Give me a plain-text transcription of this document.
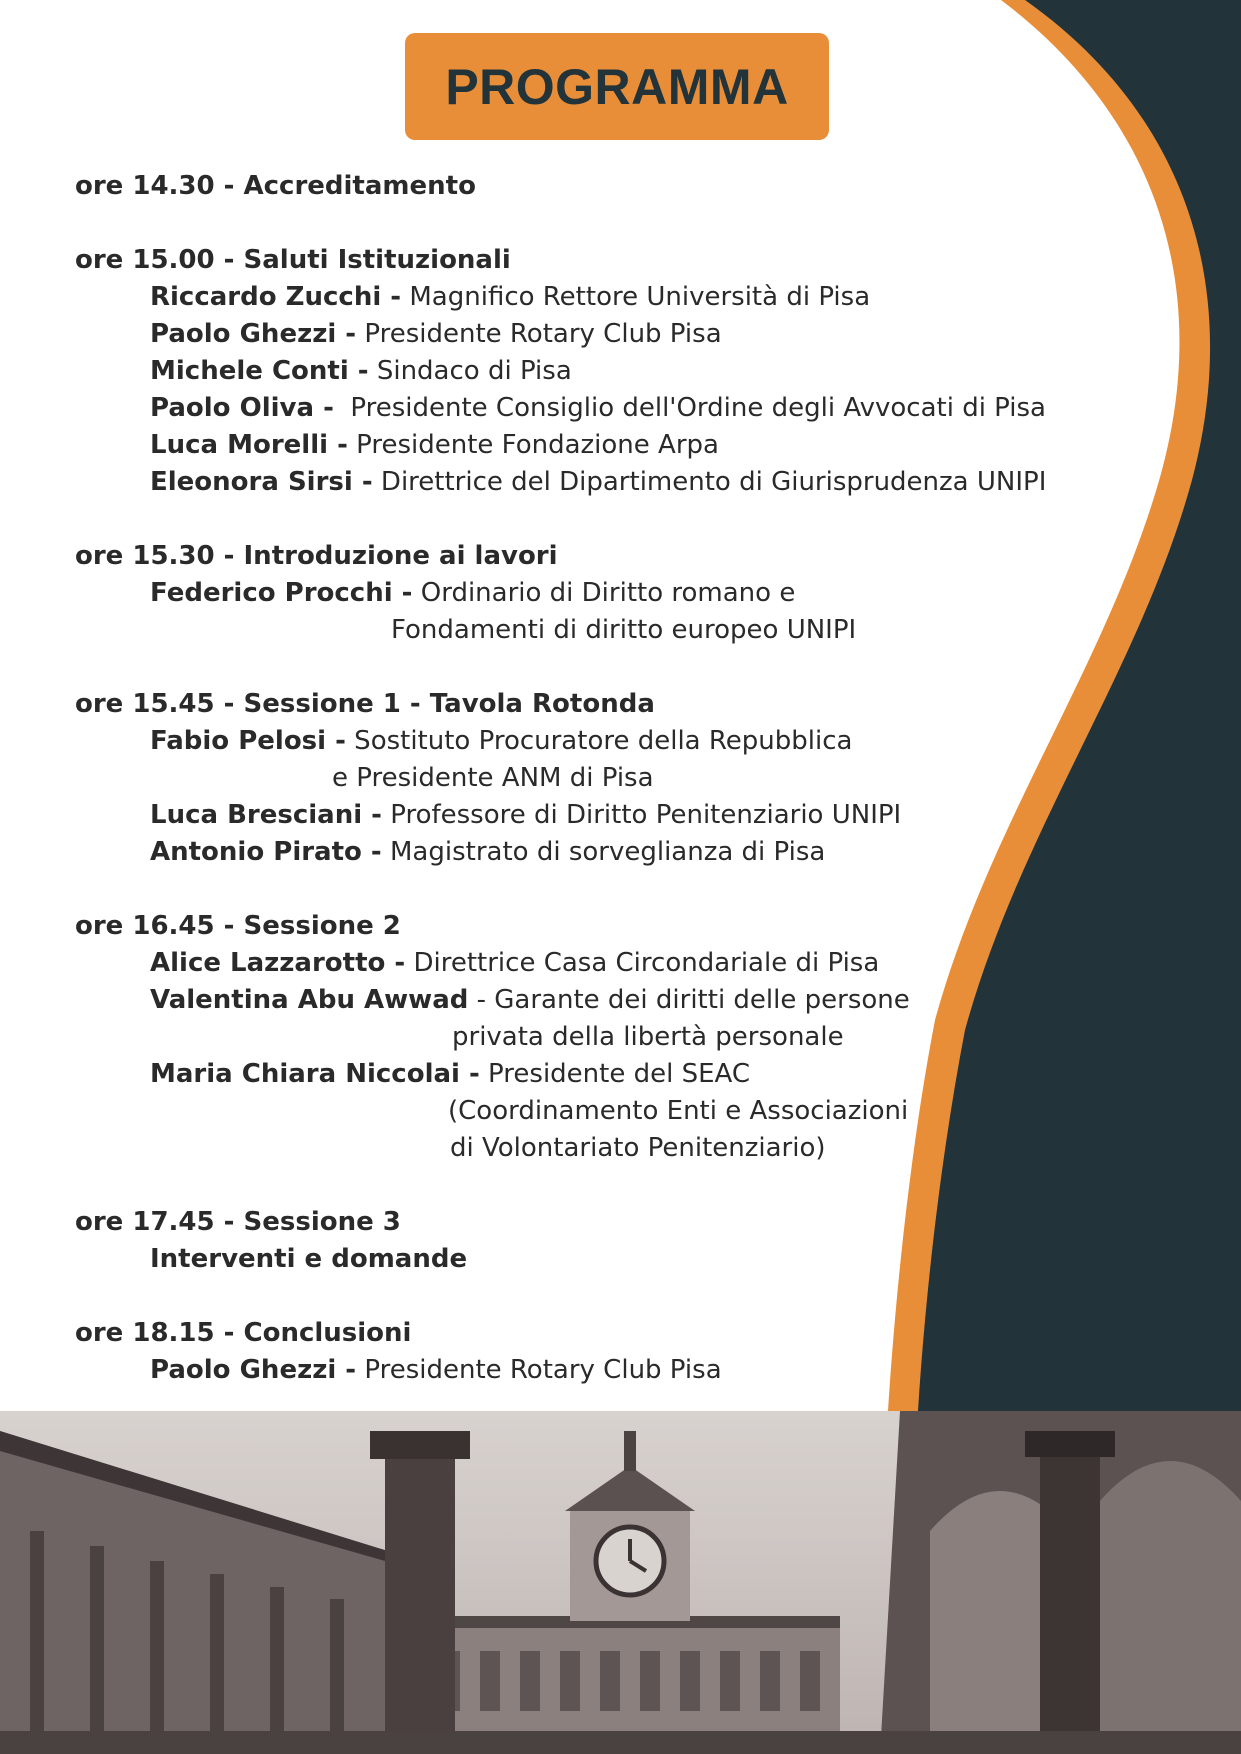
PROGRAMMA
ore 14.30 - Accreditamento
ore 15.00 - Saluti Istituzionali
Riccardo Zucchi - Magnifico Rettore Università di Pisa
Paolo Ghezzi - Presidente Rotary Club Pisa
Michele Conti - Sindaco di Pisa
Paolo Oliva -  Presidente Consiglio dell'Ordine degli Avvocati di Pisa
Luca Morelli - Presidente Fondazione Arpa
Eleonora Sirsi - Direttrice del Dipartimento di Giurisprudenza UNIPI
ore 15.30 - Introduzione ai lavori
Federico Procchi - Ordinario di Diritto romano e
Fondamenti di diritto europeo UNIPI
ore 15.45 - Sessione 1 - Tavola Rotonda
Fabio Pelosi - Sostituto Procuratore della Repubblica
e Presidente ANM di Pisa
Luca Bresciani - Professore di Diritto Penitenziario UNIPI
Antonio Pirato - Magistrato di sorveglianza di Pisa
ore 16.45 - Sessione 2
Alice Lazzarotto - Direttrice Casa Circondariale di Pisa
Valentina Abu Awwad - Garante dei diritti delle persone
privata della libertà personale
Maria Chiara Niccolai - Presidente del SEAC
(Coordinamento Enti e Associazioni
di Volontariato Penitenziario)
ore 17.45 - Sessione 3
Interventi e domande
ore 18.15 - Conclusioni
Paolo Ghezzi - Presidente Rotary Club Pisa
